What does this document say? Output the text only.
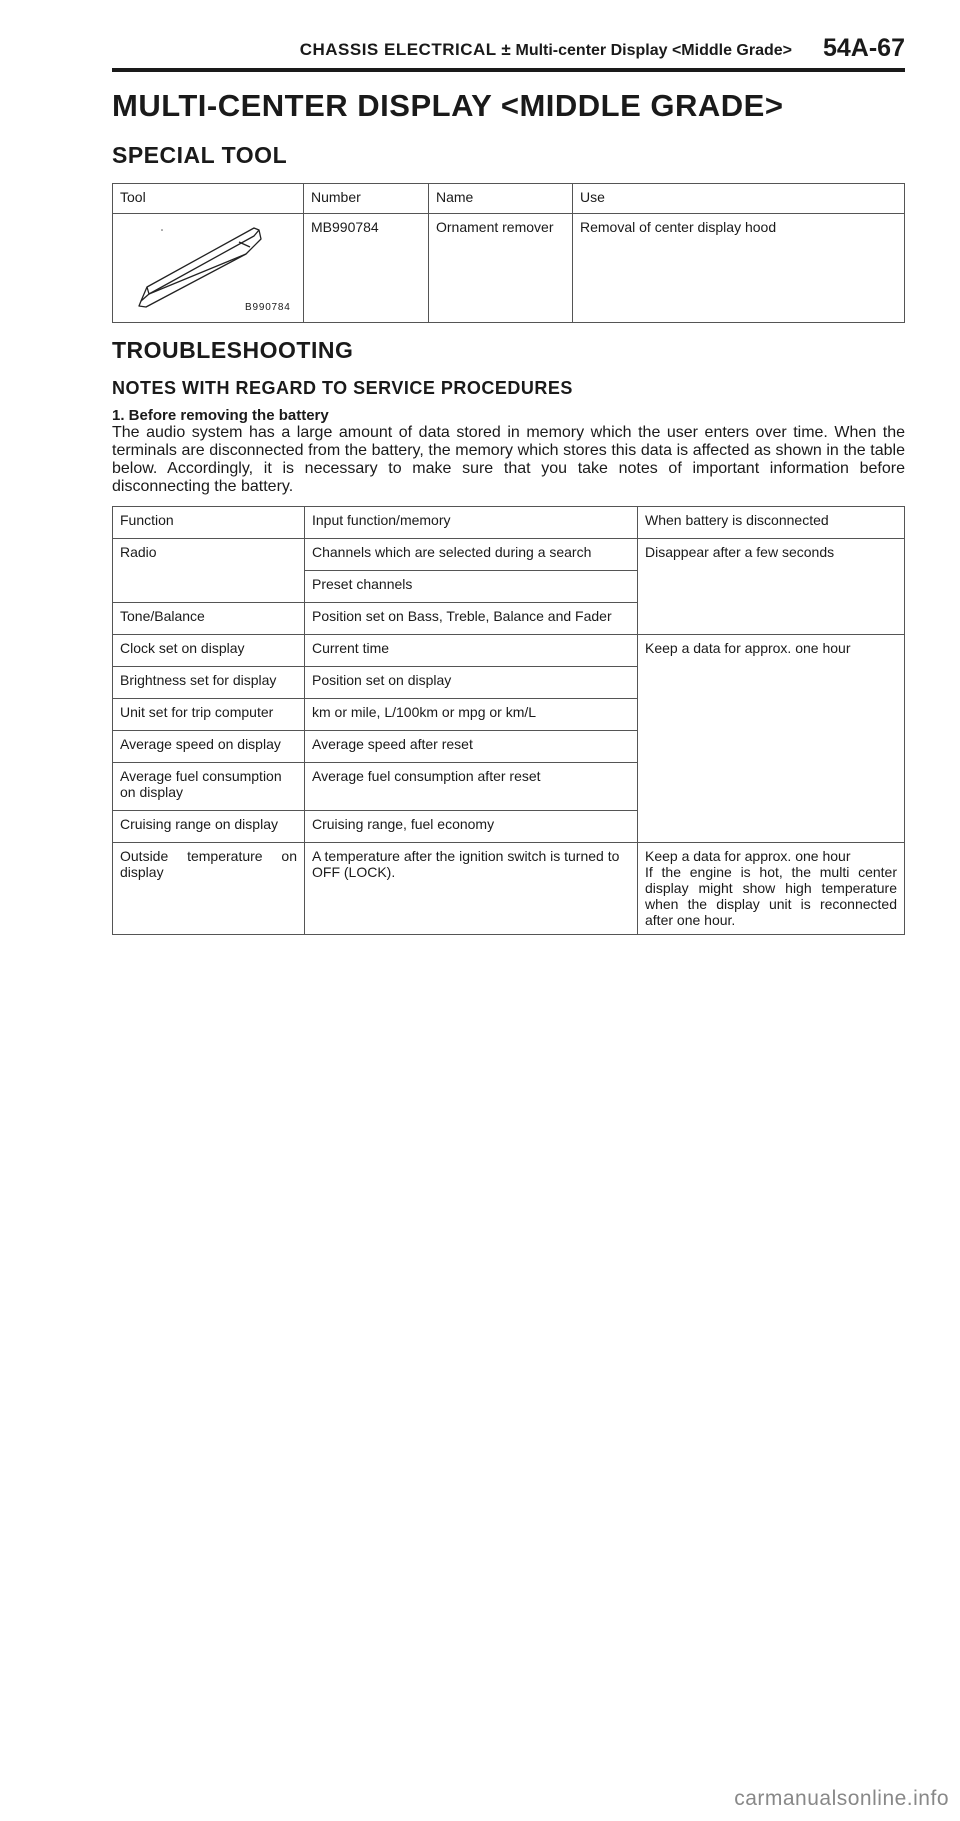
CHASSIS ELECTRICAL ± Multi-center Display <Middle Grade> 54A-67
MULTI-CENTER DISPLAY <MIDDLE GRADE>
SPECIAL TOOL
Tool	Number	Name	Use

B990784	MB990784	Ornament remover	Removal of center display hood
TROUBLESHOOTING
NOTES WITH REGARD TO SERVICE PROCEDURES
1. Before removing the battery

The audio system has a large amount of data stored in memory which the user enters over time. When the terminals are disconnected from the battery, the memory which stores this data is affected as shown in the table below. Accordingly, it is necessary to make sure that you take notes of important information before disconnecting the battery.

Function	Input function/memory	When battery is disconnected
Radio	Channels which are selected during a search	Disappear after a few seconds
	Preset channels	
Tone/Balance	Position set on Bass, Treble, Balance and Fader	
Clock set on display	Current time	Keep a data for approx. one hour
Brightness set for display	Position set on display	
Unit set for trip computer	km or mile, L/100km or mpg or km/L	
Average speed on display	Average speed after reset	
Average fuel consumption on display	Average fuel consumption after reset	
Cruising range on display	Cruising range, fuel economy	
Outside temperature on display	A temperature after the ignition switch is turned to OFF (LOCK).	Keep a data for approx. one hour
If the engine is hot, the multi center display might show high temperature when the display unit is reconnected after one hour.
carmanualsonline.info
